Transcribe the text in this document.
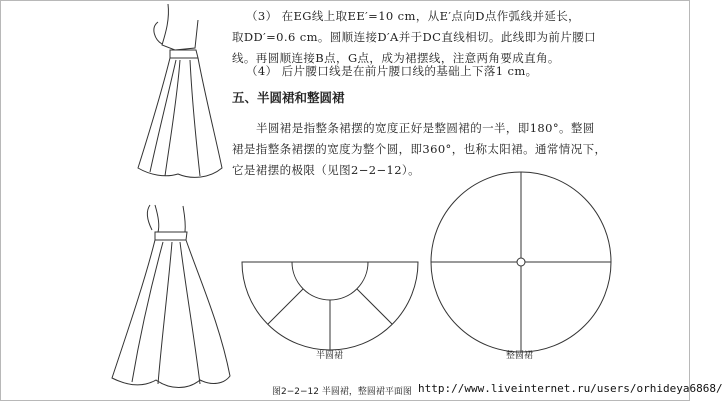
（3） 在EG线上取EE′=10 cm，从E′点向D点作弧线并延长，
取DD′=0.6 cm。圆顺连接D′A并于DC直线相切。此线即为前片腰口
线。再圆顺连接B点，G点，成为裙摆线，注意两角要成直角。
（4） 后片腰口线是在前片腰口线的基础上下落1 cm。
五、半圆裙和整圆裙
半圆裙是指整条裙摆的宽度正好是整圆裙的一半，即180°。整圆
裙是指整条裙摆的宽度为整个圆，即360°，也称太阳裙。通常情况下，
它是裙摆的极限（见图2−2−12）。
半圆裙	整圆裙
图2−2−12 半圆裙，整圆裙平面图 http://www.liveinternet.ru/users/orhideya6868/
